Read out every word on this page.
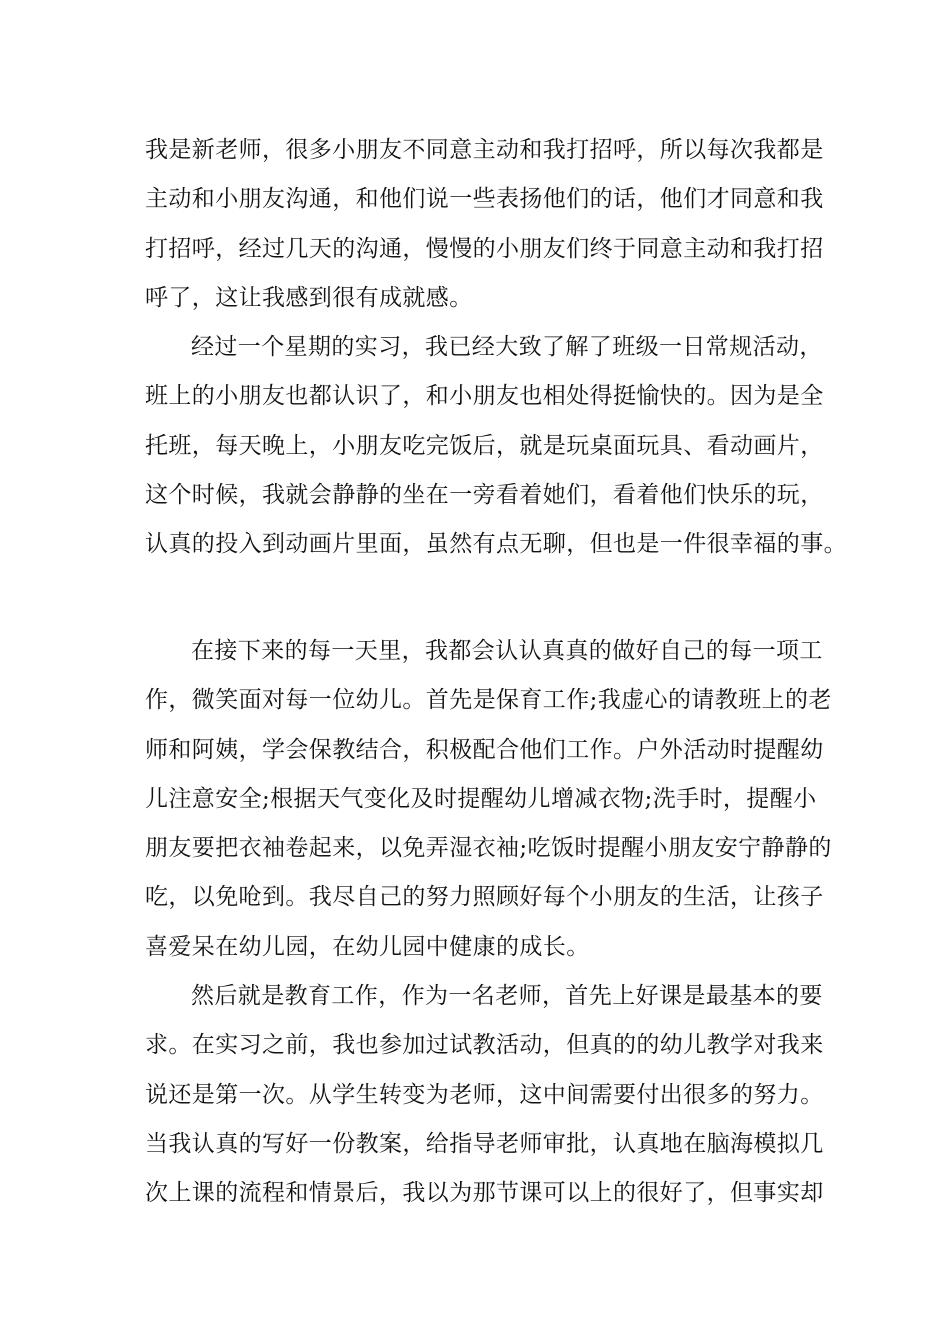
我是新老师，很多小朋友不同意主动和我打招呼，所以每次我都是
主动和小朋友沟通，和他们说一些表扬他们的话，他们才同意和我
打招呼，经过几天的沟通，慢慢的小朋友们终于同意主动和我打招
呼了，这让我感到很有成就感。
经过一个星期的实习，我已经大致了解了班级一日常规活动，
班上的小朋友也都认识了，和小朋友也相处得挺愉快的。因为是全
托班，每天晚上，小朋友吃完饭后，就是玩桌面玩具、看动画片，
这个时候，我就会静静的坐在一旁看着她们，看着他们快乐的玩，
认真的投入到动画片里面，虽然有点无聊，但也是一件很幸福的事。
在接下来的每一天里，我都会认认真真的做好自己的每一项工
作，微笑面对每一位幼儿。首先是保育工作;我虚心的请教班上的老
师和阿姨，学会保教结合，积极配合他们工作。户外活动时提醒幼
儿注意安全;根据天气变化及时提醒幼儿增减衣物;洗手时，提醒小
朋友要把衣袖卷起来，以免弄湿衣袖;吃饭时提醒小朋友安宁静静的
吃，以免呛到。我尽自己的努力照顾好每个小朋友的生活，让孩子
喜爱呆在幼儿园，在幼儿园中健康的成长。
然后就是教育工作，作为一名老师，首先上好课是最基本的要
求。在实习之前，我也参加过试教活动，但真的的幼儿教学对我来
说还是第一次。从学生转变为老师，这中间需要付出很多的努力。
当我认真的写好一份教案，给指导老师审批，认真地在脑海模拟几
次上课的流程和情景后，我以为那节课可以上的很好了，但事实却
